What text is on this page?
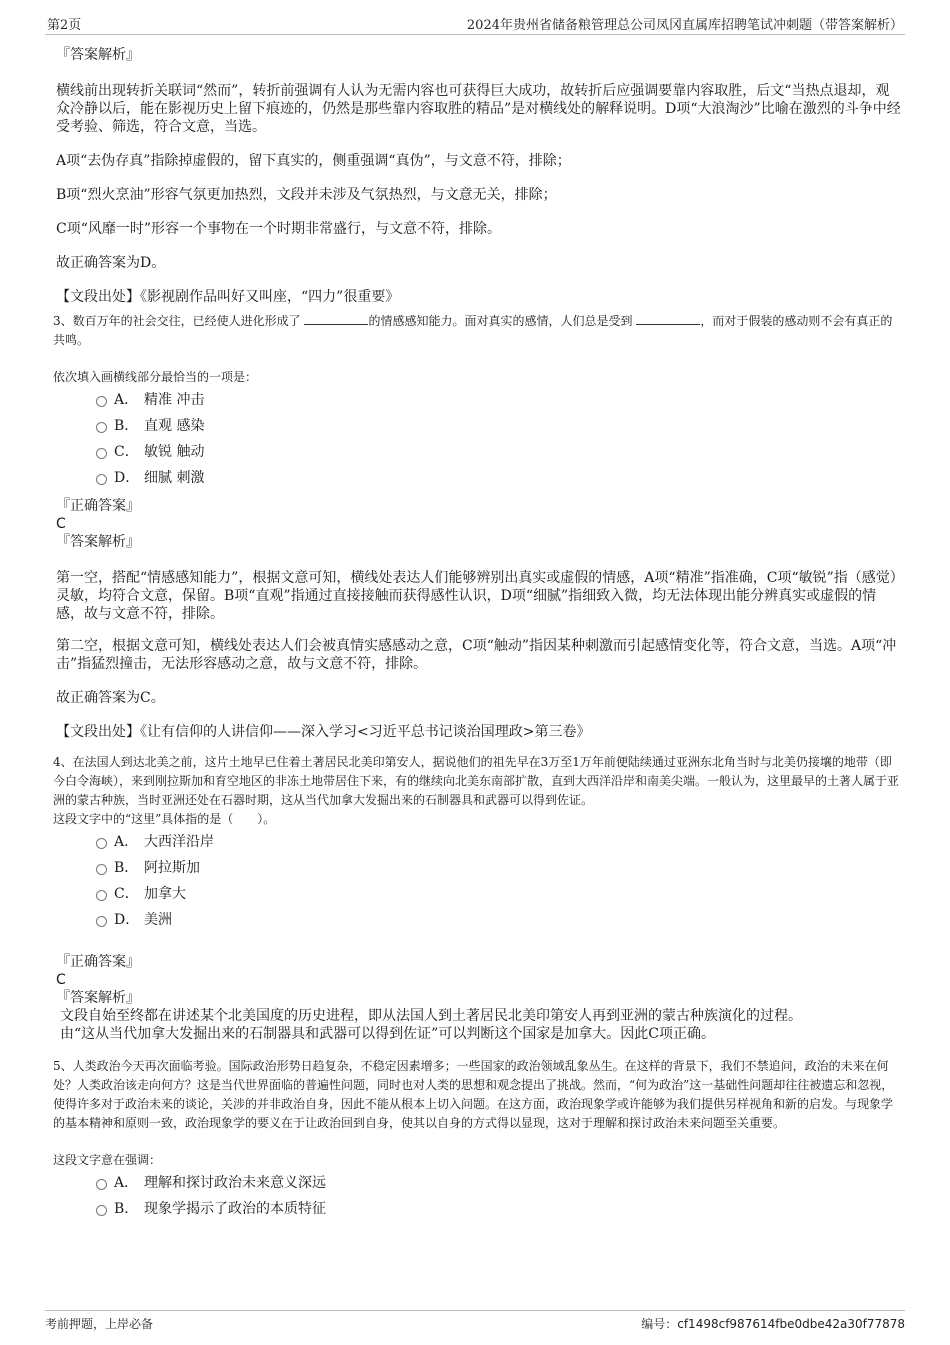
第2页	2024年贵州省储备粮管理总公司凤冈直属库招聘笔试冲刺题（带答案解析）

『答案解析』

横线前出现转折关联词“然而”，转折前强调有人认为无需内容也可获得巨大成功，故转折后应强调要靠内容取胜，后文“当热点退却，观众冷静以后，能在影视历史上留下痕迹的，仍然是那些靠内容取胜的精品”是对横线处的解释说明。D项“大浪淘沙”比喻在激烈的斗争中经受考验、筛选，符合文意，当选。

A项“去伪存真”指除掉虚假的，留下真实的，侧重强调“真伪”，与文意不符，排除；

B项“烈火烹油”形容气氛更加热烈，文段并未涉及气氛热烈，与文意无关，排除；

C项“风靡一时”形容一个事物在一个时期非常盛行，与文意不符，排除。

故正确答案为D。

【文段出处】《影视剧作品叫好又叫座，“四力”很重要》

3、数百万年的社会交往，已经使人进化形成了	的情感感知能力。面对真实的感情，人们总是受到	，而对于假装的感动则不会有真正的共鸣。

依次填入画横线部分最恰当的一项是：

A． 精准 冲击
B． 直观 感染
C． 敏锐 触动
D． 细腻 刺激

『正确答案』

C

『答案解析』

第一空，搭配“情感感知能力”，根据文意可知，横线处表达人们能够辨别出真实或虚假的情感，A项“精准”指准确，C项“敏锐”指（感觉）灵敏，均符合文意，保留。B项“直观”指通过直接接触而获得感性认识，D项“细腻”指细致入微，均无法体现出能分辨真实或虚假的情感，故与文意不符，排除。

第二空，根据文意可知，横线处表达人们会被真情实感感动之意，C项“触动”指因某种刺激而引起感情变化等，符合文意，当选。A项“冲击”指猛烈撞击，无法形容感动之意，故与文意不符，排除。

故正确答案为C。

【文段出处】《让有信仰的人讲信仰——深入学习<习近平总书记谈治国理政>第三卷》

4、在法国人到达北美之前，这片土地早已住着土著居民北美印第安人，据说他们的祖先早在3万至1万年前便陆续通过亚洲东北角当时与北美仍接壤的地带（即今白令海峡），来到刚拉斯加和育空地区的非冻土地带居住下来，有的继续向北美东南部扩散，直到大西洋沿岸和南美尖端。一般认为，这里最早的土著人属于亚洲的蒙古种族，当时亚洲还处在石器时期，这从当代加拿大发掘出来的石制器具和武器可以得到佐证。

这段文字中的“这里”具体指的是（　　）。

A． 大西洋沿岸
B． 阿拉斯加
C． 加拿大
D． 美洲

『正确答案』

C

『答案解析』

文段自始至终都在讲述某个北美国度的历史进程，即从法国人到土著居民北美印第安人再到亚洲的蒙古种族演化的过程。

由“这从当代加拿大发掘出来的石制器具和武器可以得到佐证”可以判断这个国家是加拿大。因此C项正确。

5、人类政治今天再次面临考验。国际政治形势日趋复杂，不稳定因素增多；一些国家的政治领域乱象丛生。在这样的背景下，我们不禁追问，政治的未来在何处？人类政治该走向何方？这是当代世界面临的普遍性问题，同时也对人类的思想和观念提出了挑战。然而，“何为政治”这一基础性问题却往往被遗忘和忽视，使得许多对于政治未来的谈论，关涉的并非政治自身，因此不能从根本上切入问题。在这方面，政治现象学或许能够为我们提供另样视角和新的启发。与现象学的基本精神和原则一致，政治现象学的要义在于让政治回到自身，使其以自身的方式得以显现，这对于理解和探讨政治未来问题至关重要。

这段文字意在强调：

A． 理解和探讨政治未来意义深远
B． 现象学揭示了政治的本质特征
考前押题，上岸必备	编号：cf1498cf987614fbe0dbe42a30f77878
